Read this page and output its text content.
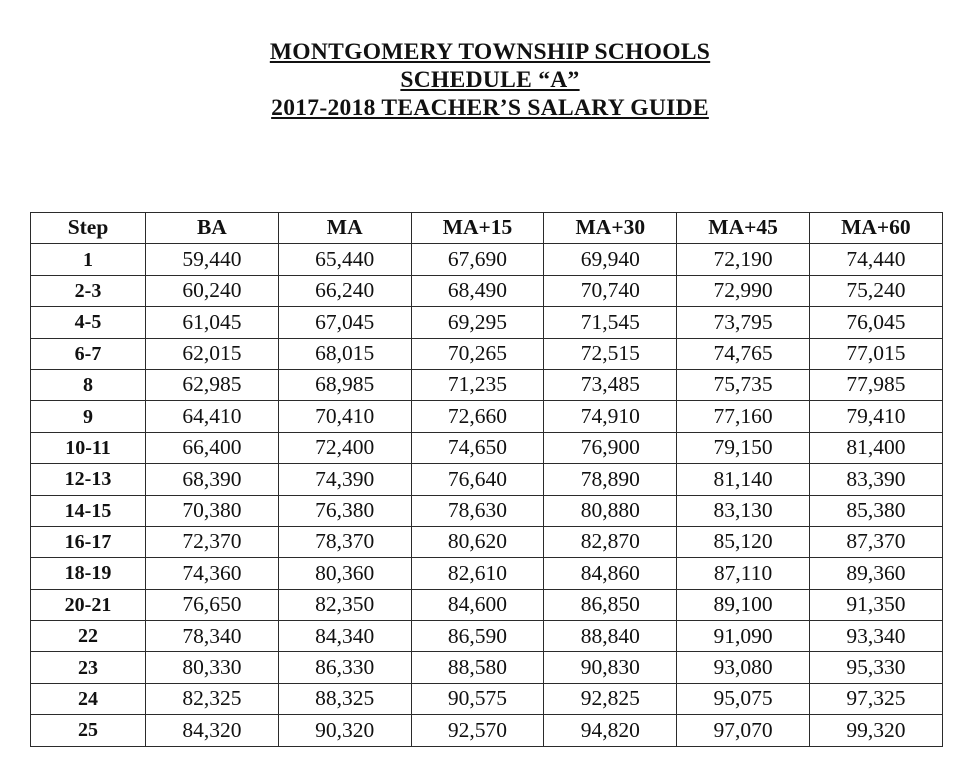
MONTGOMERY TOWNSHIP SCHOOLS
SCHEDULE “A”
2017-2018 TEACHER’S SALARY GUIDE
Step	BA	MA	MA+15	MA+30	MA+45	MA+60
1	59,440	65,440	67,690	69,940	72,190	74,440
2-3	60,240	66,240	68,490	70,740	72,990	75,240
4-5	61,045	67,045	69,295	71,545	73,795	76,045
6-7	62,015	68,015	70,265	72,515	74,765	77,015
8	62,985	68,985	71,235	73,485	75,735	77,985
9	64,410	70,410	72,660	74,910	77,160	79,410
10-11	66,400	72,400	74,650	76,900	79,150	81,400
12-13	68,390	74,390	76,640	78,890	81,140	83,390
14-15	70,380	76,380	78,630	80,880	83,130	85,380
16-17	72,370	78,370	80,620	82,870	85,120	87,370
18-19	74,360	80,360	82,610	84,860	87,110	89,360
20-21	76,650	82,350	84,600	86,850	89,100	91,350
22	78,340	84,340	86,590	88,840	91,090	93,340
23	80,330	86,330	88,580	90,830	93,080	95,330
24	82,325	88,325	90,575	92,825	95,075	97,325
25	84,320	90,320	92,570	94,820	97,070	99,320
